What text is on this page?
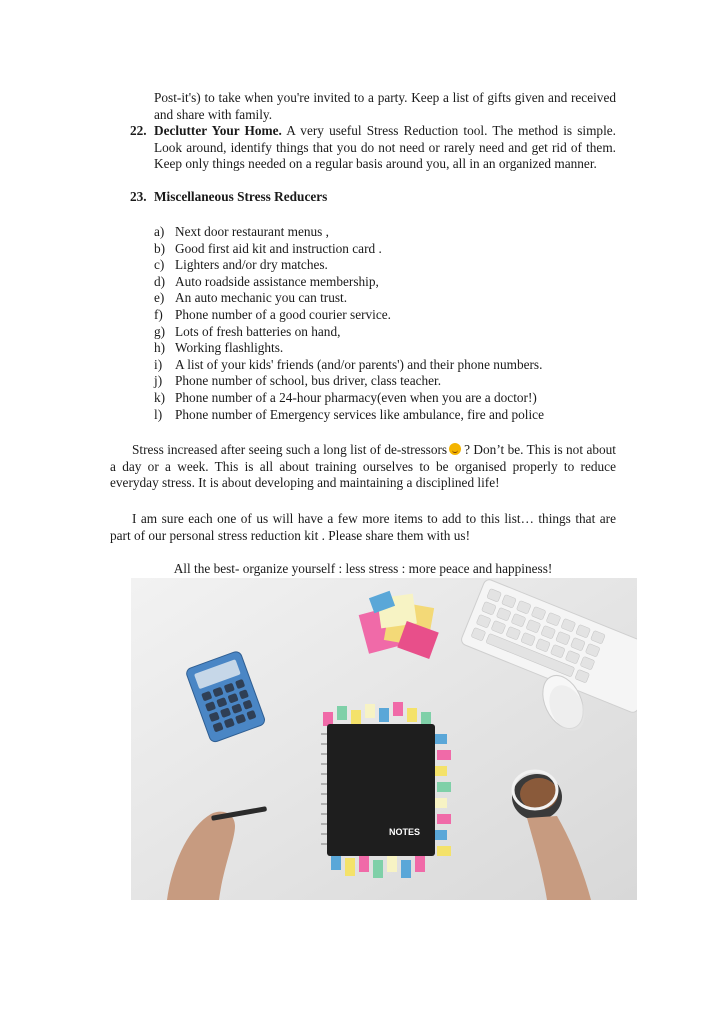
Post-it's) to take when you're invited to a party. Keep a list of gifts given and received and share with family.
22. Declutter Your Home. A very useful Stress Reduction tool. The method is simple. Look around, identify things that you do not need or rarely need and get rid of them. Keep only things needed on a regular basis around you, all in an organized manner.
23. Miscellaneous Stress Reducers
a) Next door restaurant menus ,
b) Good first aid kit and instruction card .
c) Lighters and/or dry matches.
d) Auto roadside assistance membership,
e) An auto mechanic you can trust.
f) Phone number of a good courier service.
g) Lots of fresh batteries on hand,
h) Working flashlights.
i) A list of your kids' friends (and/or parents') and their phone numbers.
j) Phone number of school, bus driver, class teacher.
k) Phone number of a 24-hour pharmacy(even when you are a doctor!)
l) Phone number of Emergency services like ambulance, fire and police
Stress increased after seeing such a long list of de-stressors ? Don’t be. This is not about a day or a week. This is all about training ourselves to be organised properly to reduce everyday stress. It is about developing and maintaining a disciplined life!
I am sure each one of us will have a few more items to add to this list… things that are part of our personal stress reduction kit . Please share them with us!
All the best- organize yourself : less stress : more peace and happiness!
NOTES
